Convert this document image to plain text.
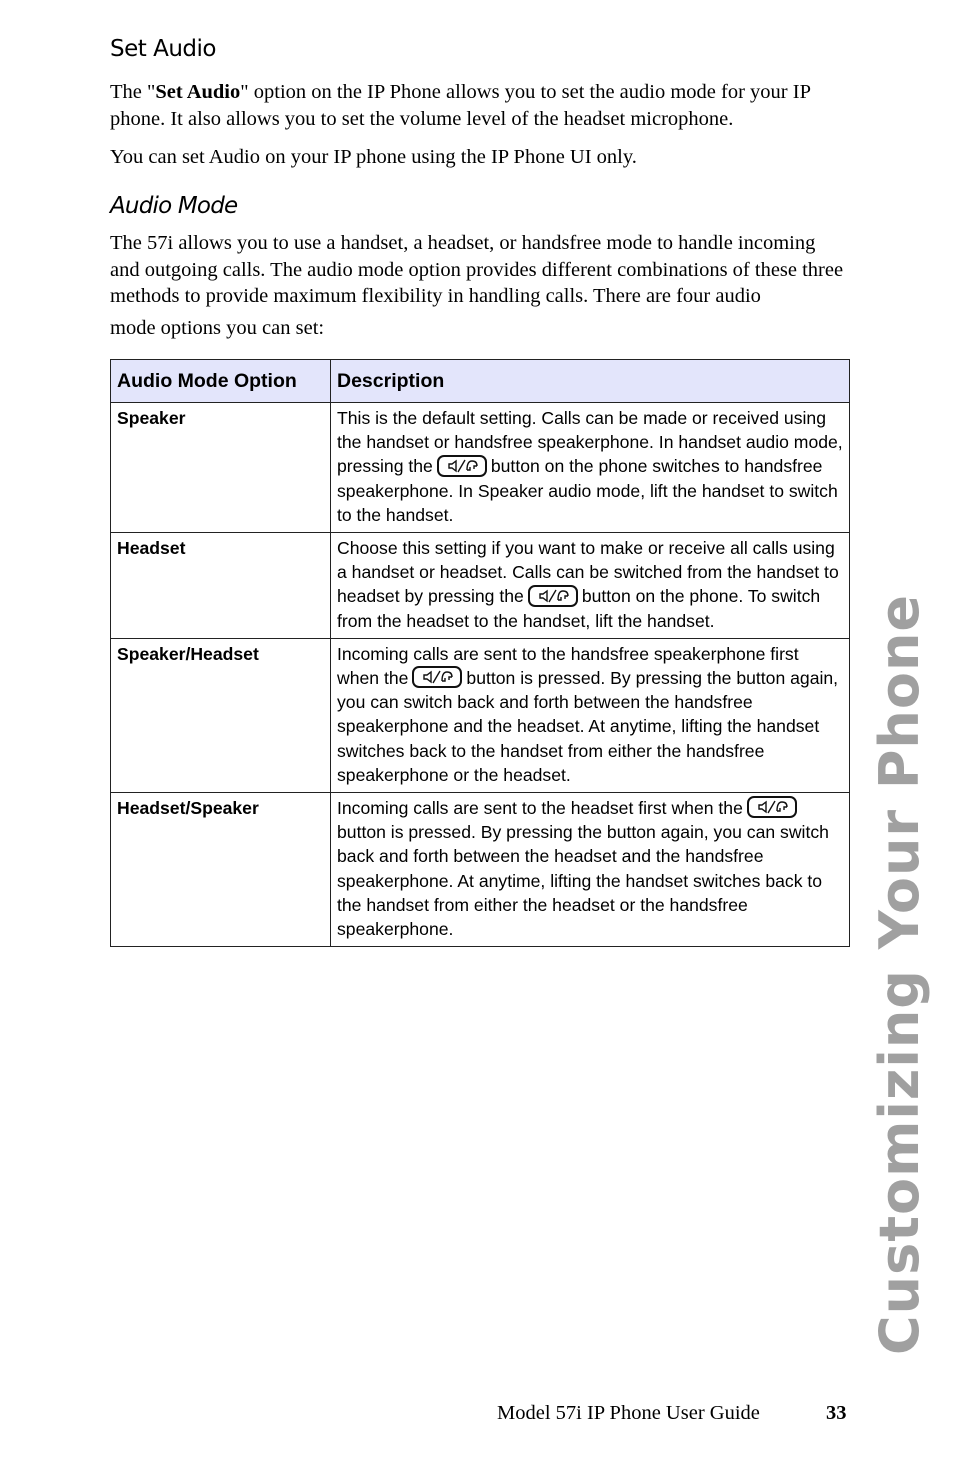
Set Audio
The "Set Audio" option on the IP Phone allows you to set the audio mode for your IP phone. It also allows you to set the volume level of the headset microphone.
You can set Audio on your IP phone using the IP Phone UI only.
Audio Mode
The 57i allows you to use a handset, a headset, or handsfree mode to handle incoming and outgoing calls. The audio mode option provides different combinations of these three methods to provide maximum flexibility in handling calls. There are four audio
mode options you can set:
Audio Mode Option	Description
Speaker	This is the default setting. Calls can be made or received using the handset or handsfree speakerphone. In handset audio mode, pressing the button on the phone switches to handsfree speakerphone. In Speaker audio mode, lift the handset to switch to the handset.
Headset	Choose this setting if you want to make or receive all calls using a handset or headset. Calls can be switched from the handset to headset by pressing the button on the phone. To switch from the headset to the handset, lift the handset.
Speaker/Headset	Incoming calls are sent to the handsfree speakerphone first when the button is pressed. By pressing the button again, you can switch back and forth between the handsfree speakerphone and the headset. At anytime, lifting the handset switches back to the handset from either the handsfree speakerphone or the headset.
Headset/Speaker	Incoming calls are sent to the headset first when the
button is pressed. By pressing the button again, you can switch back and forth between the headset and the handsfree speakerphone. At anytime, lifting the handset switches back to the handset from either the headset or the handsfree speakerphone.	Customizing Your Phone
Model 57i IP Phone User Guide	33
